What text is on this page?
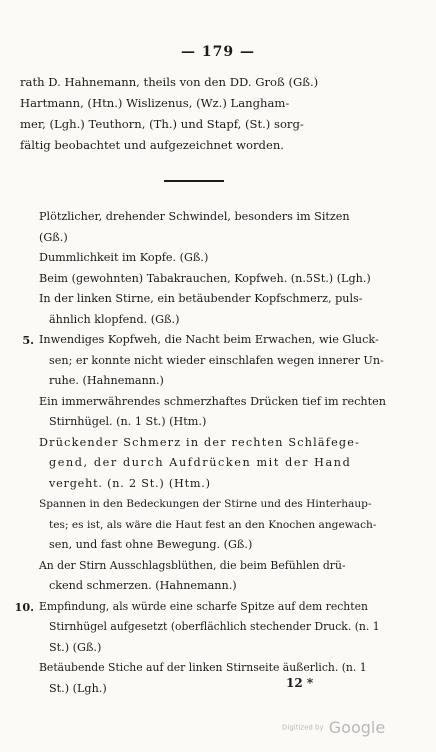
— 179 —
rath D. Hahnemann, theils von den DD. Groß (Gß.)
Hartmann, (Htn.) Wislizenus, (Wz.) Langham-
mer, (Lgh.) Teuthorn, (Th.) und Stapf, (St.) sorg-
fältig beobachtet und aufgezeichnet worden.
Plötzlicher, drehender Schwindel, besonders im Sitzen
(Gß.)
Dummlichkeit im Kopfe. (Gß.)
Beim (gewohnten) Tabakrauchen, Kopfweh. (n.5St.) (Lgh.)
In der linken Stirne, ein betäubender Kopfschmerz, puls-
ähnlich klopfend. (Gß.)
5. Inwendiges Kopfweh, die Nacht beim Erwachen, wie Gluck-
sen; er konnte nicht wieder einschlafen wegen innerer Un-
ruhe. (Hahnemann.)
Ein immerwährendes schmerzhaftes Drücken tief im rechten
Stirnhügel. (n. 1 St.) (Htm.)
Drückender Schmerz in der rechten Schläfege-
gend, der durch Aufdrücken mit der Hand
vergeht. (n. 2 St.) (Htm.)
Spannen in den Bedeckungen der Stirne und des Hinterhaup-
tes; es ist, als wäre die Haut fest an den Knochen angewach-
sen, und fast ohne Bewegung. (Gß.)
An der Stirn Ausschlagsblüthen, die beim Befühlen drü-
ckend schmerzen. (Hahnemann.)
10. Empfindung, als würde eine scharfe Spitze auf dem rechten
Stirnhügel aufgesetzt (oberflächlich stechender Druck. (n. 1
St.) (Gß.)
Betäubende Stiche auf der linken Stirnseite äußerlich. (n. 1
St.) (Lgh.)	12 *
Digitized by Google
